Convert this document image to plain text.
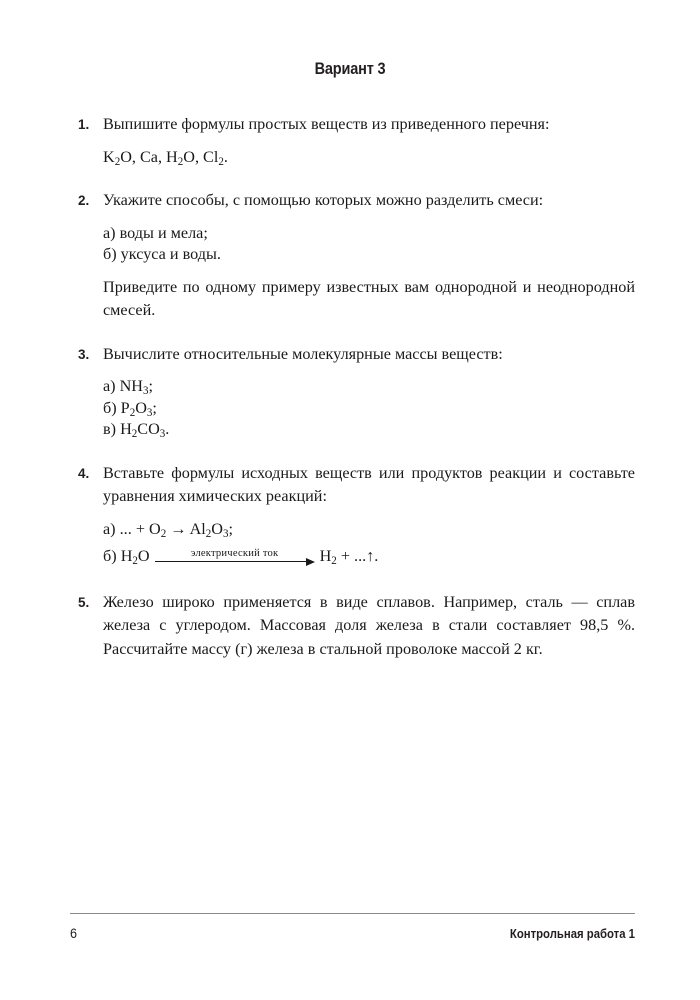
Вариант 3
1. Выпишите формулы простых веществ из приведенного перечня:

$K_2O$, Ca, $H_2O$, $Cl_2$.

2. Укажите способы, с помощью которых можно разделить смеси:

а) воды и мела;
б) уксуса и воды.

Приведите по одному примеру известных вам однородной и неоднородной смесей.

3. Вычислите относительные молекулярные массы веществ:

а) $NH_3$;
б) $P_2O_3$;
в) $H_2CO_3$.
4. Вставьте формулы исходных веществ или продуктов реакции и составьте уравнения химических реакций:

а) ... + $O_2 \to Al_2O_3$;
б) $H_2O$	электрический ток	$H_2$ + ...↑.
5. Железо широко применяется в виде сплавов. Например, сталь — сплав железа с углеродом. Массовая доля железа в стали составляет 98,5 %. Рассчитайте массу (г) железа в стальной проволоке массой 2 кг.

6	Контрольная работа 1
